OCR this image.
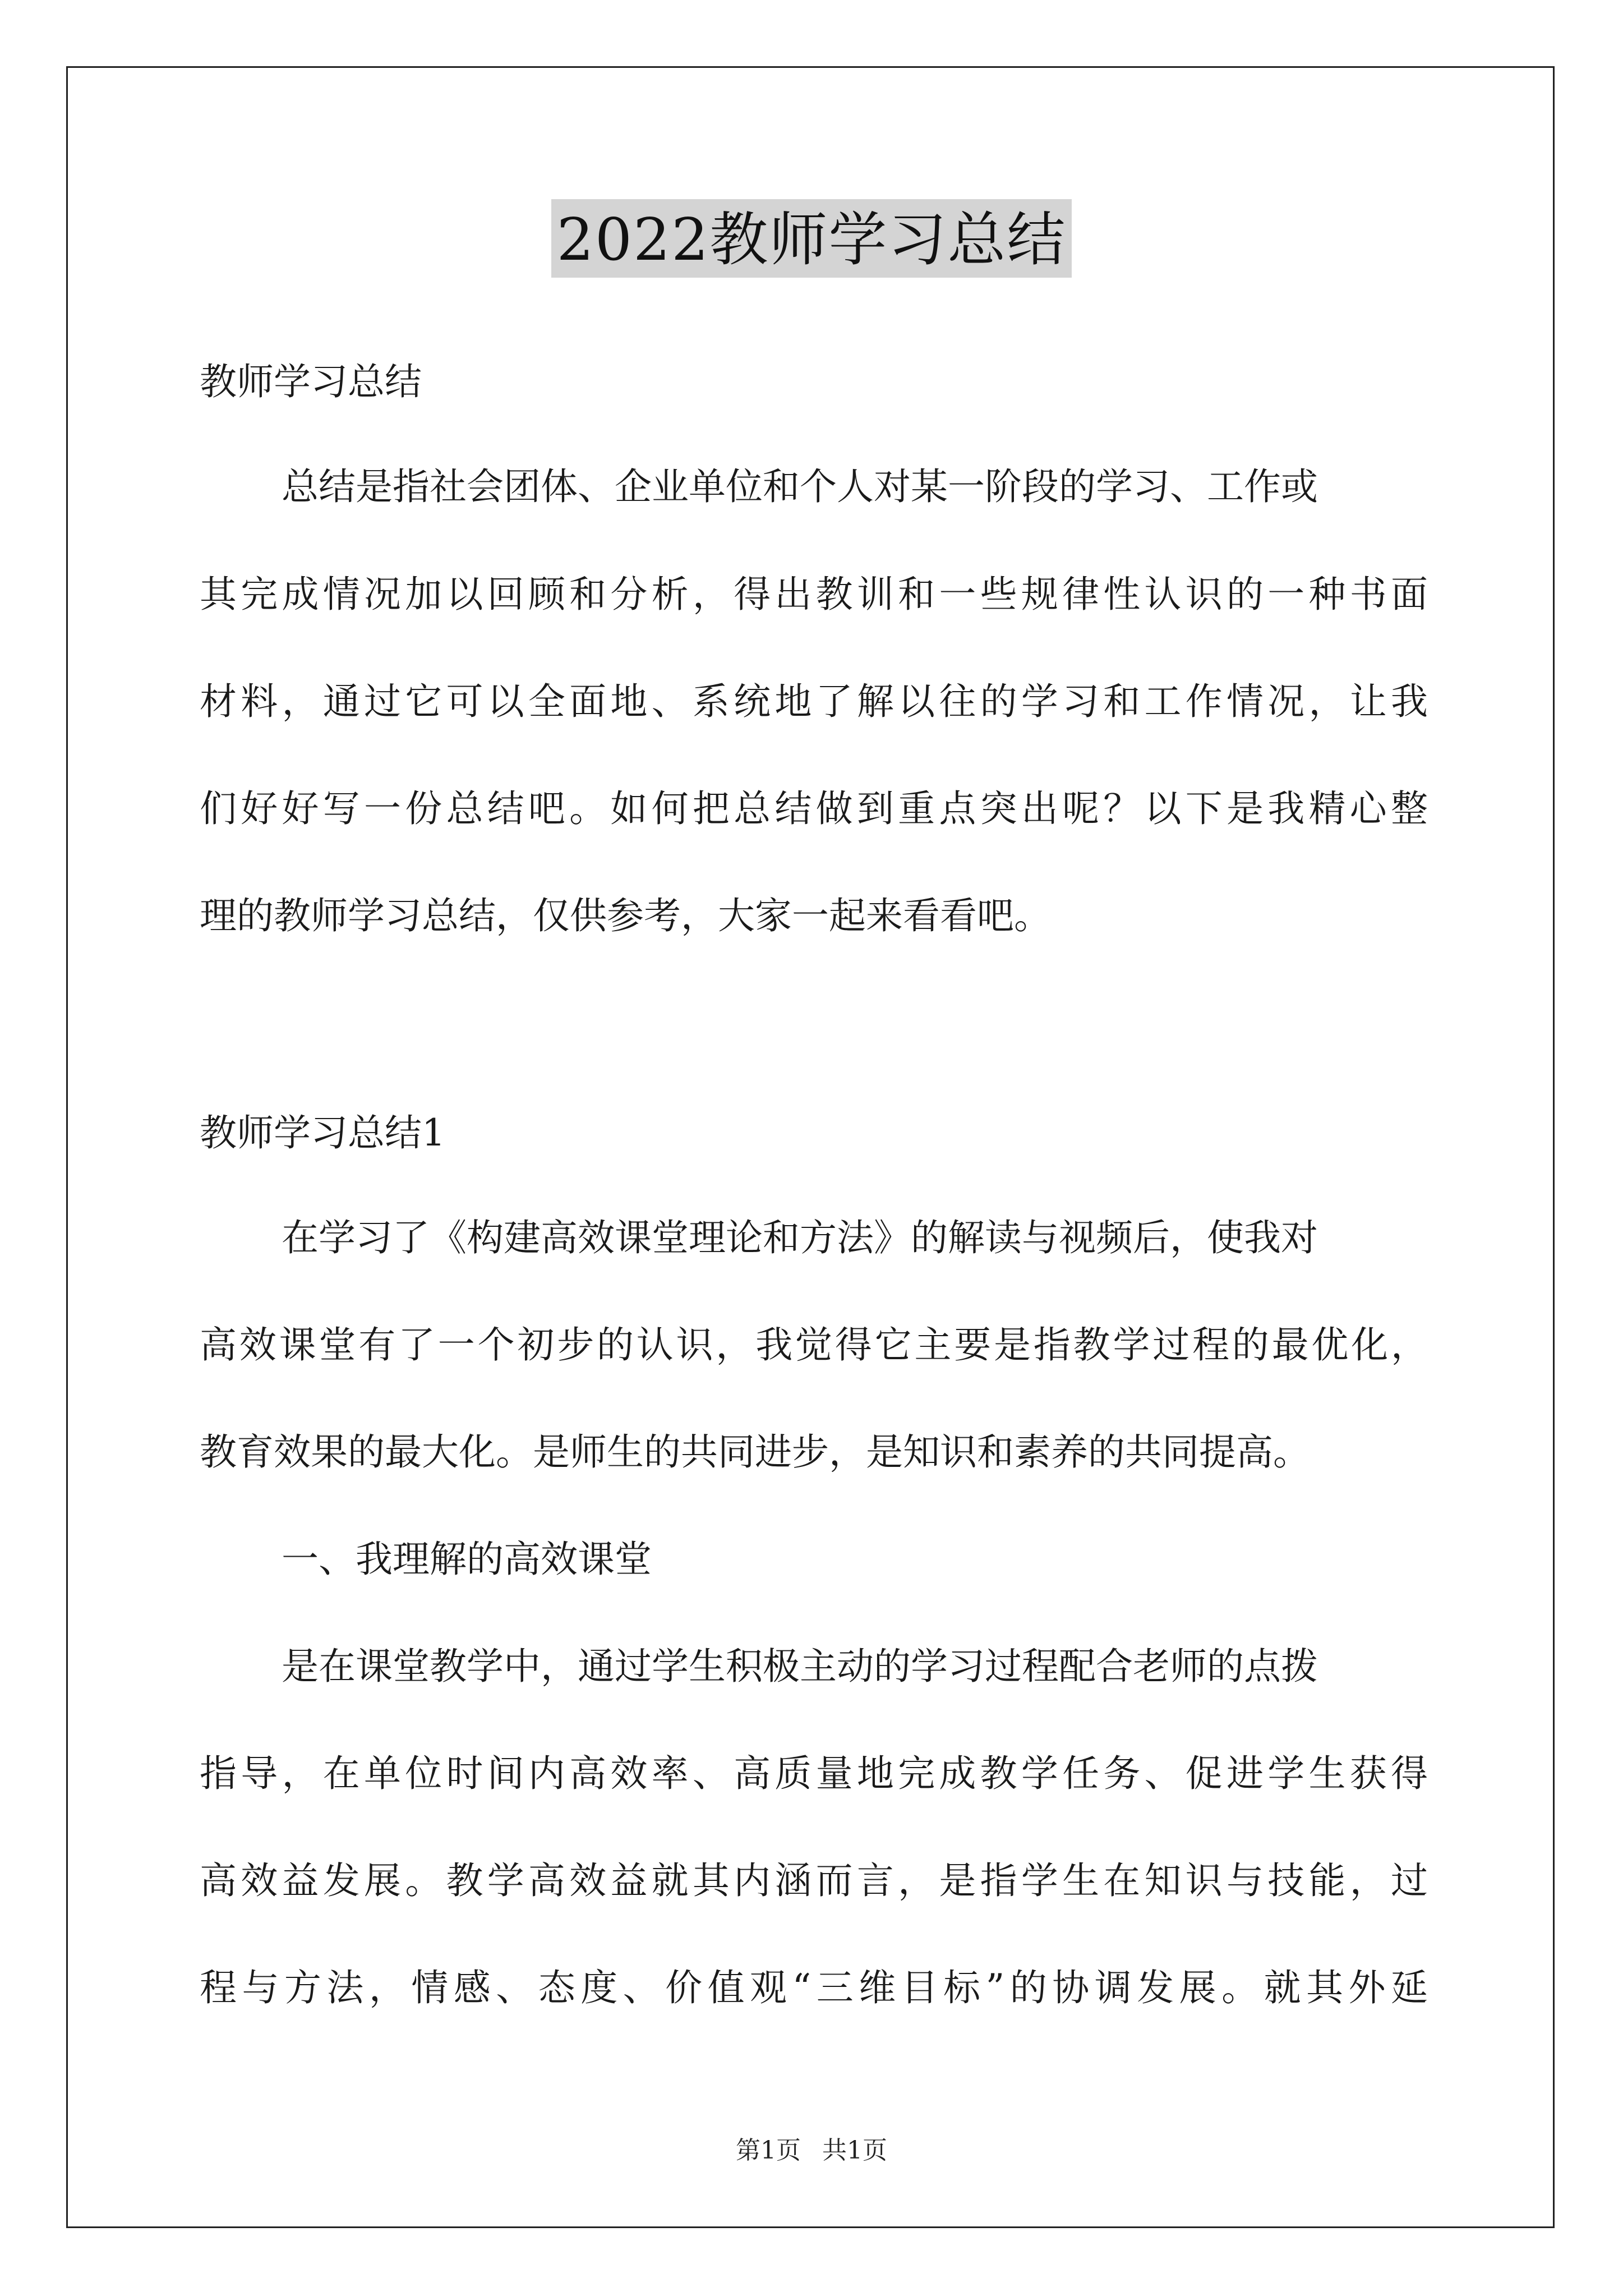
2022教师学习总结
教师学习总结
总结是指社会团体、企业单位和个人对某一阶段的学习、工作或
其完成情况加以回顾和分析，得出教训和一些规律性认识的一种书面
材料，通过它可以全面地、系统地了解以往的学习和工作情况，让我
们好好写一份总结吧。如何把总结做到重点突出呢？以下是我精心整
理的教师学习总结，仅供参考，大家一起来看看吧。
教师学习总结1
在学习了《构建高效课堂理论和方法》的解读与视频后，使我对
高效课堂有了一个初步的认识，我觉得它主要是指教学过程的最优化，
教育效果的最大化。是师生的共同进步，是知识和素养的共同提高。
一、我理解的高效课堂
是在课堂教学中，通过学生积极主动的学习过程配合老师的点拨
指导，在单位时间内高效率、高质量地完成教学任务、促进学生获得
高效益发展。教学高效益就其内涵而言，是指学生在知识与技能，过
程与方法，情感、态度、价值观“三维目标”的协调发展。就其外延
第1页 共1页
